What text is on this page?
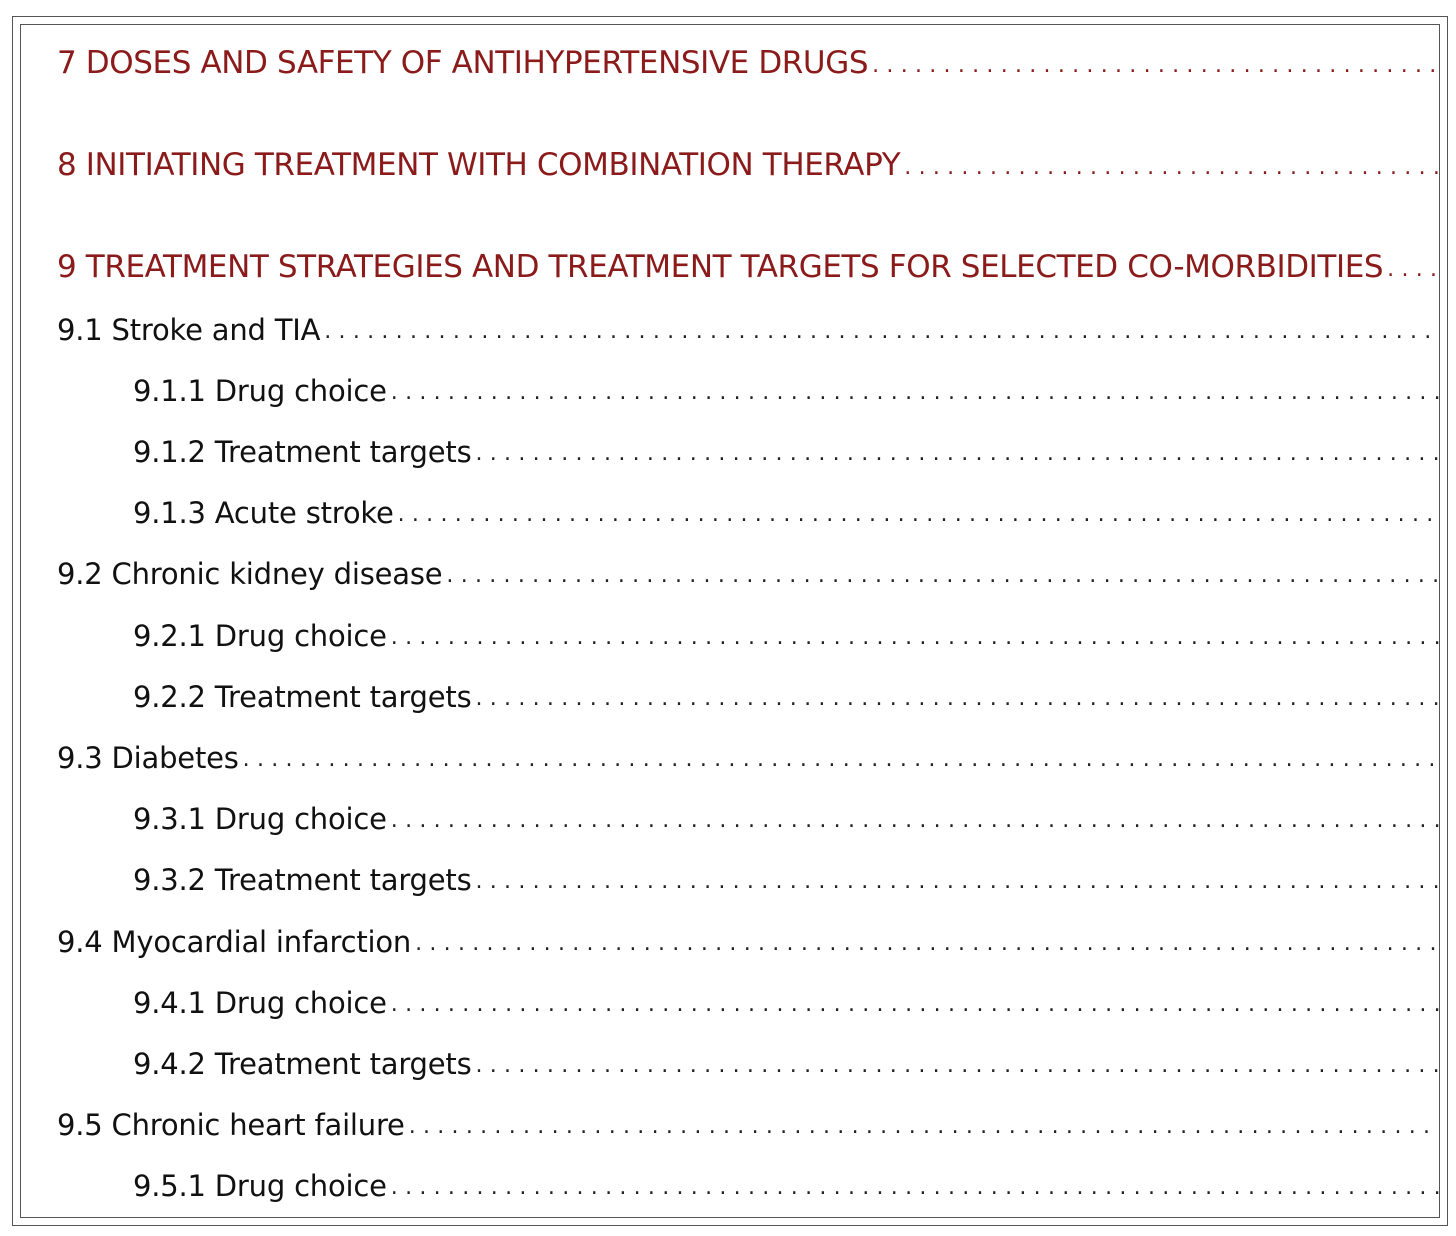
7 DOSES AND SAFETY OF ANTIHYPERTENSIVE DRUGS
. . .
8 INITIATING TREATMENT WITH COMBINATION THERAPY
. . .
9 TREATMENT STRATEGIES AND TREATMENT TARGETS FOR SELECTED CO-MORBIDITIES
. . .
9.1 Stroke and TIA
. . .
9.1.1 Drug choice
. . .
9.1.2 Treatment targets
. . .
9.1.3 Acute stroke
. . .
9.2 Chronic kidney disease
. . .
9.2.1 Drug choice
. . .
9.2.2 Treatment targets
. . .
9.3 Diabetes
. . .
9.3.1 Drug choice
. . .
9.3.2 Treatment targets
. . .
9.4 Myocardial infarction
. . .
9.4.1 Drug choice
. . .
9.4.2 Treatment targets
. . .
9.5 Chronic heart failure
. . .
9.5.1 Drug choice
. . .
